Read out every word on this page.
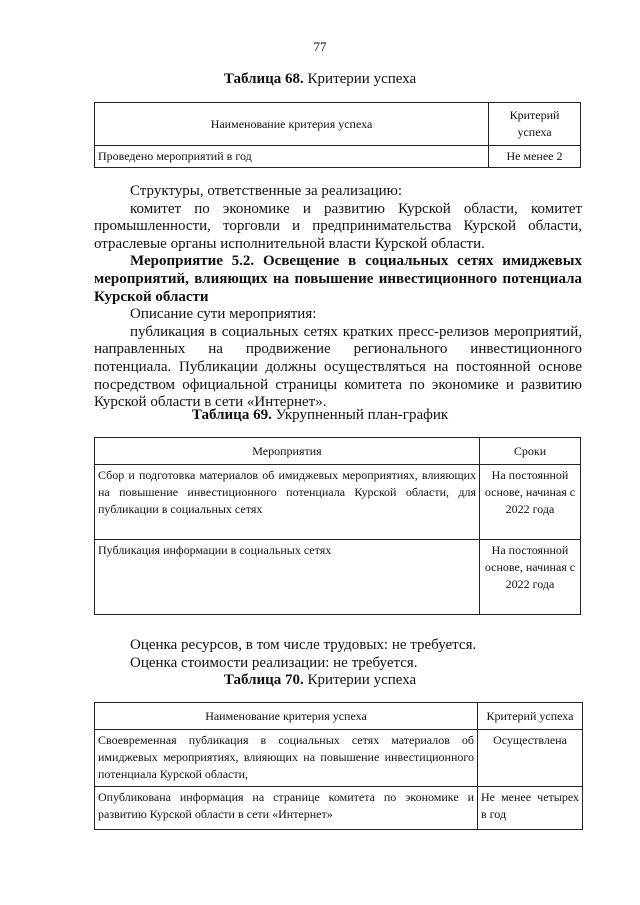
77
Таблица 68. Критерии успеха
Наименование критерия успеха	Критерий успеха
Проведено мероприятий в год	Не менее 2

Структуры, ответственные за реализацию:

комитет по экономике и развитию Курской области, комитет промышленности, торговли и предпринимательства Курской области, отраслевые органы исполнительной власти Курской области.

Мероприятие 5.2. Освещение в социальных сетях имиджевых мероприятий, влияющих на повышение инвестиционного потенциала Курской области

Описание сути мероприятия:

публикация в социальных сетях кратких пресс-релизов мероприятий, направленных на продвижение регионального инвестиционного потенциала. Публикации должны осуществляться на постоянной основе посредством официальной страницы комитета по экономике и развитию Курской области в сети «Интернет».

Таблица 69. Укрупненный план-график
Мероприятия	Сроки
Сбор и подготовка материалов об имиджевых мероприятиях, влияющих на повышение инвестиционного потенциала Курской области, для публикации в социальных сетях	На постоянной основе, начиная с 2022 года
Публикация информации в социальных сетях	На постоянной основе, начиная с 2022 года

Оценка ресурсов, в том числе трудовых: не требуется.

Оценка стоимости реализации: не требуется.

Таблица 70. Критерии успеха
Наименование критерия успеха	Критерий успеха
Своевременная публикация в социальных сетях материалов об имиджевых мероприятиях, влияющих на повышение инвестиционного потенциала Курской области,	Осуществлена
Опубликована информация на странице комитета по экономике и развитию Курской области в сети «Интернет»	Не менее четырех в год
